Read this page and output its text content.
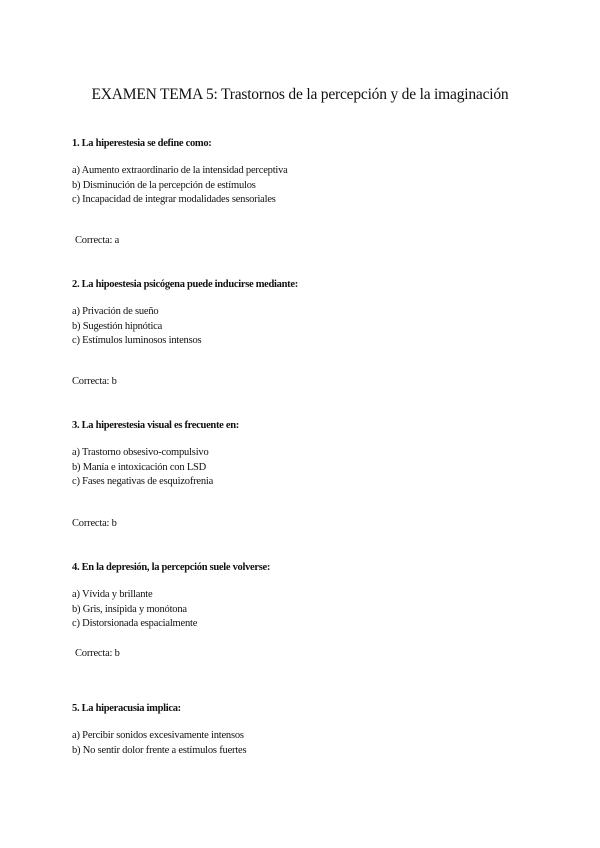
EXAMEN TEMA 5: Trastornos de la percepción y de la imaginación

1. La hiperestesia se define como:

a) Aumento extraordinario de la intensidad perceptiva
b) Disminución de la percepción de estímulos
c) Incapacidad de integrar modalidades sensoriales
Correcta: a

2. La hipoestesia psicógena puede inducirse mediante:

a) Privación de sueño
b) Sugestión hipnótica
c) Estímulos luminosos intensos
Correcta: b

3. La hiperestesia visual es frecuente en:

a) Trastorno obsesivo-compulsivo
b) Manía e intoxicación con LSD
c) Fases negativas de esquizofrenia
Correcta: b

4. En la depresión, la percepción suele volverse:

a) Vívida y brillante
b) Gris, insípida y monótona
c) Distorsionada espacialmente
Correcta: b

5. La hiperacusia implica:

a) Percibir sonidos excesivamente intensos
b) No sentir dolor frente a estímulos fuertes
